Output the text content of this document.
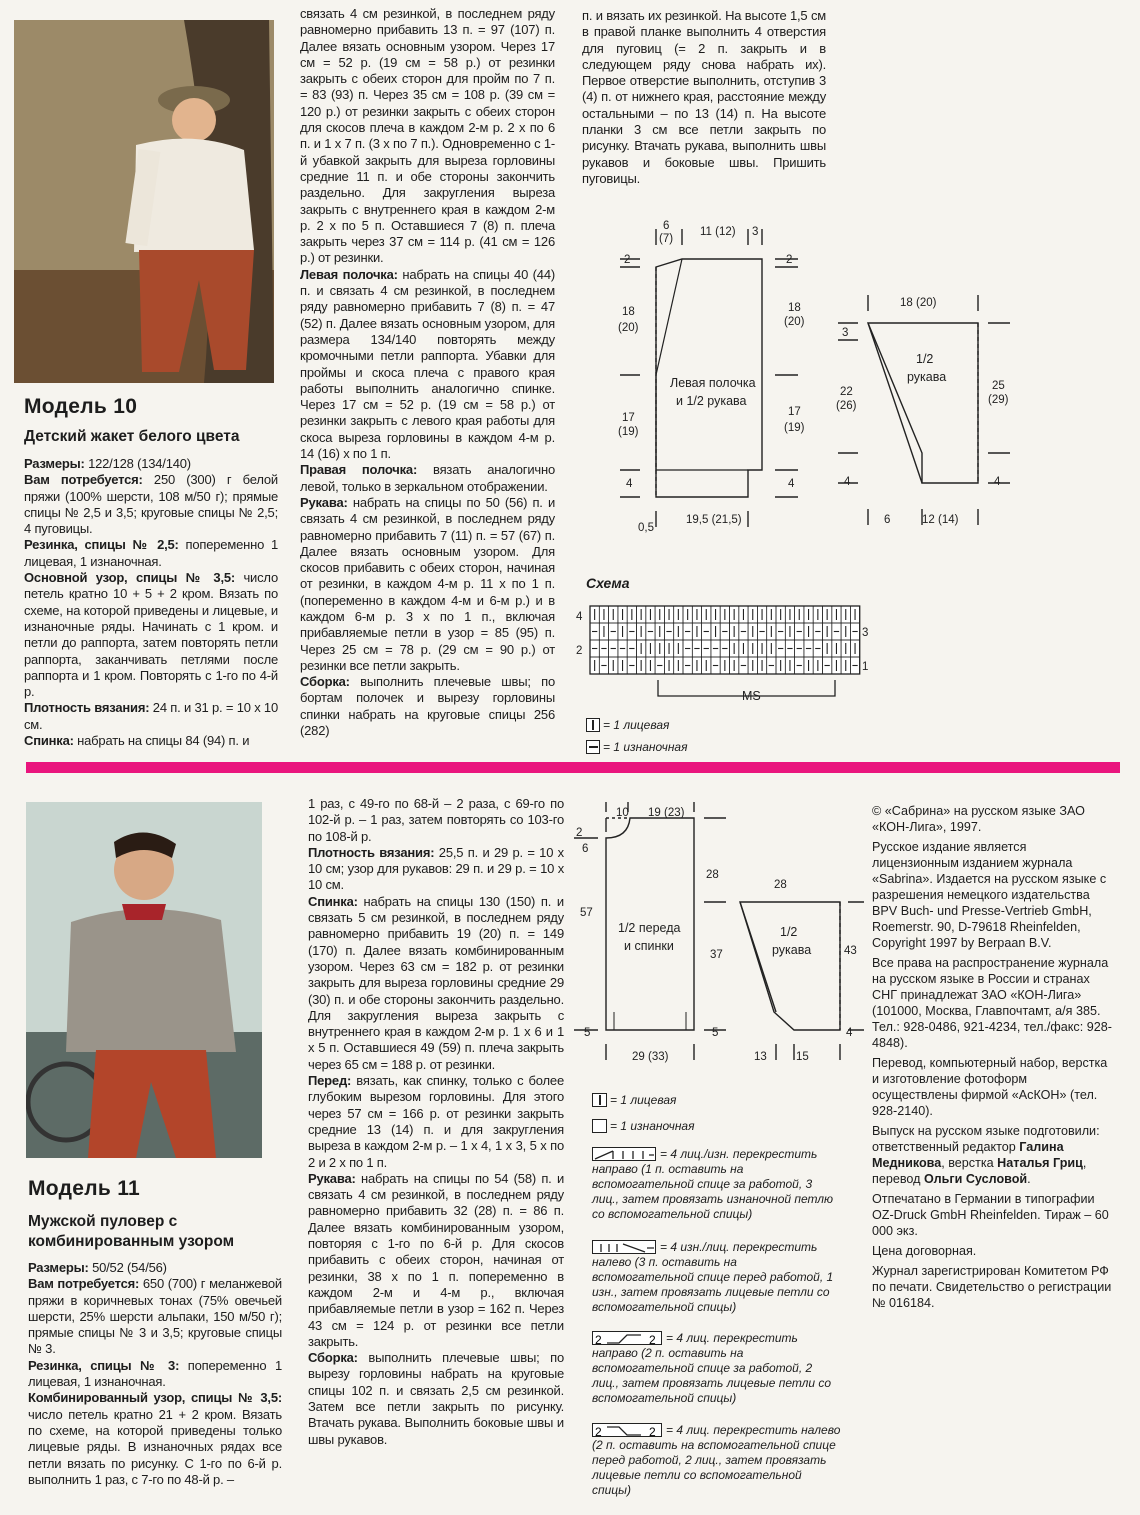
Модель 10
Детский жакет белого цвета

Размеры: 122/128 (134/140)

Вам потребуется: 250 (300) г белой пряжи (100% шерсти, 108 м/50 г); прямые спицы № 2,5 и 3,5; круговые спицы № 2,5; 4 пуговицы.

Резинка, спицы № 2,5: попеременно 1 лицевая, 1 изнаночная.

Основной узор, спицы № 3,5: число петель кратно 10 + 5 + 2 кром. Вязать по схеме, на которой приведены и лицевые, и изнаночные ряды. Начинать с 1 кром. и петли до раппорта, затем повторять петли раппорта, заканчивать петлями после раппорта и 1 кром. Повторять с 1-го по 4-й р.

Плотность вязания: 24 п. и 31 р. = 10 х 10 см.

Спинка: набрать на спицы 84 (94) п. и

связать 4 см резинкой, в последнем ряду равномерно прибавить 13 п. = 97 (107) п. Далее вязать основным узором. Через 17 см = 52 р. (19 см = 58 р.) от резинки закрыть с обеих сторон для пройм по 7 п. = 83 (93) п. Через 35 см = 108 р. (39 см = 120 р.) от резинки закрыть с обеих сторон для скосов плеча в каждом 2-м р. 2 х по 6 п. и 1 х 7 п. (3 х по 7 п.). Одновременно с 1-й убавкой закрыть для выреза горловины средние 11 п. и обе стороны закончить раздельно. Для закругления выреза закрыть с внутреннего края в каждом 2-м р. 2 х по 5 п. Оставшиеся 7 (8) п. плеча закрыть через 37 см = 114 р. (41 см = 126 р.) от резинки.

Левая полочка: набрать на спицы 40 (44) п. и связать 4 см резинкой, в последнем ряду равномерно прибавить 7 (8) п. = 47 (52) п. Далее вязать основным узором, для размера 134/140 повторять между кромочными петли раппорта. Убавки для проймы и скоса плеча с правого края работы выполнить аналогично спинке. Через 17 см = 52 р. (19 см = 58 р.) от резинки закрыть с левого края работы для скоса выреза горловины в каждом 4-м р. 14 (16) х по 1 п.

Правая полочка: вязать аналогично левой, только в зеркальном отображении.

Рукава: набрать на спицы по 50 (56) п. и связать 4 см резинкой, в последнем ряду равномерно прибавить 7 (11) п. = 57 (67) п. Далее вязать основным узором. Для скосов прибавить с обеих сторон, начиная от резинки, в каждом 4-м р. 11 х по 1 п. (попеременно в каждом 4-м и 6-м р.) и в каждом 6-м р. 3 х по 1 п., включая прибавляемые петли в узор = 85 (95) п. Через 25 см = 78 р. (29 см = 90 р.) от резинки все петли закрыть.

Сборка: выполнить плечевые швы; по бортам полочек и вырезу горловины спинки набрать на круговые спицы 256 (282)

п. и вязать их резинкой. На высоте 1,5 см в правой планке выполнить 4 отверстия для пуговиц (= 2 п. закрыть и в следующем ряду снова набрать их). Первое отверстие выполнить, отступив 3 (4) п. от нижнего края, расстояние между остальными – по 13 (14) п. На высоте планки 3 см все петли закрыть по рисунку. Втачать рукава, выполнить швы рукавов и боковые швы. Пришить пуговицы.

6
(7)
11 (12) 3
2	2
18
(20)
18
(20)
Левая полочка
и 1/2 рукава
17
(19)
17
(19)
4	4
0,5
19,5 (21,5)
18 (20)
3
1/2
рукава
22
(26)
25
(29)
4	4
6	12 (14)
Схема
4
3
2
1
MS
= 1 лицевая
= 1 изнаночная
Модель 11
Мужской пуловер с комбинированным узором

Размеры: 50/52 (54/56)

Вам потребуется: 650 (700) г меланжевой пряжи в коричневых тонах (75% овечьей шерсти, 25% шерсти альпаки, 150 м/50 г); прямые спицы № 3 и 3,5; круговые спицы № 3.

Резинка, спицы № 3: попеременно 1 лицевая, 1 изнаночная.

Комбинированный узор, спицы № 3,5: число петель кратно 21 + 2 кром. Вязать по схеме, на которой приведены только лицевые ряды. В изнаночных рядах все петли вязать по рисунку. С 1-го по 6-й р. выполнить 1 раз, с 7-го по 48-й р. –

1 раз, с 49-го по 68-й – 2 раза, с 69-го по 102-й р. – 1 раз, затем повторять со 103-го по 108-й р.

Плотность вязания: 25,5 п. и 29 р. = 10 х 10 см; узор для рукавов: 29 п. и 29 р. = 10 х 10 см.

Спинка: набрать на спицы 130 (150) п. и связать 5 см резинкой, в последнем ряду равномерно прибавить 19 (20) п. = 149 (170) п. Далее вязать комбинированным узором. Через 63 см = 182 р. от резинки закрыть для выреза горловины средние 29 (30) п. и обе стороны закончить раздельно. Для закругления выреза закрыть с внутреннего края в каждом 2-м р. 1 х 6 и 1 х 5 п. Оставшиеся 49 (59) п. плеча закрыть через 65 см = 188 р. от резинки.

Перед: вязать, как спинку, только с более глубоким вырезом горловины. Для этого через 57 см = 166 р. от резинки закрыть средние 13 (14) п. и для закругления выреза в каждом 2-м р. – 1 х 4, 1 х 3, 5 х по 2 и 2 х по 1 п.

Рукава: набрать на спицы по 54 (58) п. и связать 4 см резинкой, в последнем ряду равномерно прибавить 32 (28) п. = 86 п. Далее вязать комбинированным узором, повторяя с 1-го по 6-й р. Для скосов прибавить с обеих сторон, начиная от резинки, 38 х по 1 п. попеременно в каждом 2-м и 4-м р., включая прибавляемые петли в узор = 162 п. Через 43 см = 124 р. от резинки все петли закрыть.

Сборка: выполнить плечевые швы; по вырезу горловины набрать на круговые спицы 102 п. и связать 2,5 см резинкой. Затем все петли закрыть по рисунку. Втачать рукава. Выполнить боковые швы и швы рукавов.

10 19 (23)
2
6
57
28
37
1/2 переда
и спинки
5	5
29 (33)
28
1/2
рукава	43
4
13	15
= 1 лицевая
= 1 изнаночная
= 4 лиц./изн. перекрестить направо (1 п. оставить на вспомогательной спице за работой, 3 лиц., затем провязать изнаночной петлю со вспомогательной спицы)
= 4 изн./лиц. перекрестить налево (3 п. оставить на вспомогательной спице перед работой, 1 изн., затем провязать лицевые петли со вспомогательной спицы)
2	2 = 4 лиц. перекрестить направо (2 п. оставить на вспомогательной спице за работой, 2 лиц., затем провязать лицевые петли со вспомогательной спицы)
2	2 = 4 лиц. перекрестить налево (2 п. оставить на вспомогательной спице перед работой, 2 лиц., затем провязать лицевые петли со вспомогательной спицы)

© «Сабрина» на русском языке ЗАО «КОН-Лига», 1997.

Русское издание является лицензионным изданием журнала «Sabrina». Издается на русском языке с разрешения немецкого издательства BPV Buch- und Presse-Vertrieb GmbH, Roemerstr. 90, D-79618 Rheinfelden, Copyright 1997 by Berpaan B.V.

Все права на распространение журнала на русском языке в России и странах СНГ принадлежат ЗАО «КОН-Лига» (101000, Москва, Главпочтамт, а/я 385. Тел.: 928-0486, 921-4234, тел./факс: 928-4848).

Перевод, компьютерный набор, верстка и изготовление фотоформ осуществлены фирмой «АсКОН» (тел. 928-2140).

Выпуск на русском языке подготовили: ответственный редактор Галина Медникова, верстка Наталья Гриц, перевод Ольги Сусловой.

Отпечатано в Германии в типографии OZ-Druck GmbH Rheinfelden. Тираж – 60 000 экз.

Цена договорная.

Журнал зарегистрирован Комитетом РФ по печати. Свидетельство о регистрации № 016184.
